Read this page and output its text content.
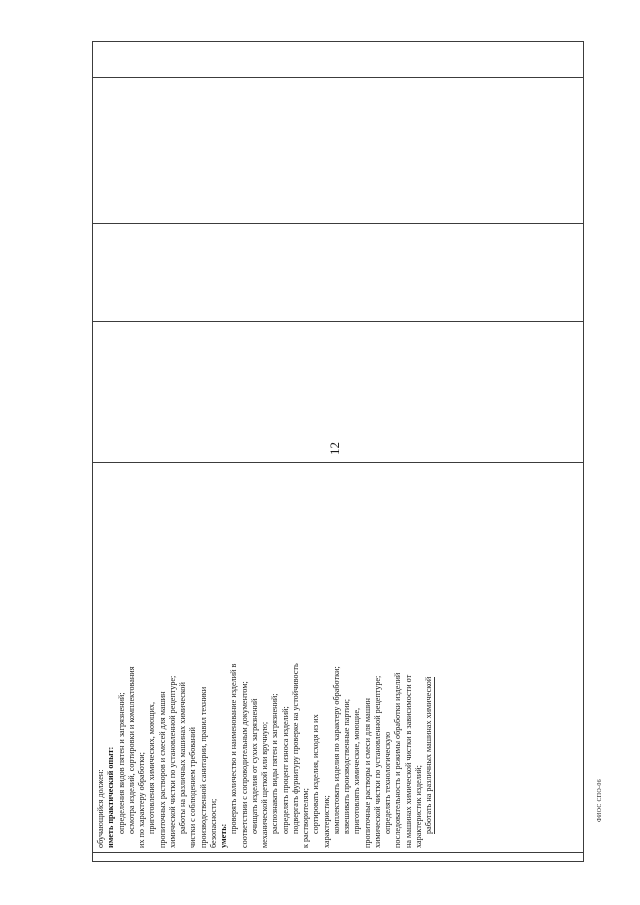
12

обучающийся должен: иметь практический опыт: определения видов пятен и загрязнений; осмотра изделий, сортировки и комплектования их по характеру обработки; приготовления химических, моющих, пропиточных растворов и смесей для машин химической чистки по установленной рецептуре; работы на различных машинах химической чистки с соблюдением требований производственной санитарии, правил техники безопасности; уметь:

проверять количество и наименование изделий в соответствии с сопроводительным документом; очищать изделия от сухих загрязнений механической щеткой или вручную; распознавать виды пятен и загрязнений; определять процент износа изделий; подвергать фурнитуру проверке на устойчивость к растворителям; сортировать изделия, исходя из их характеристик; комплектовать изделия по характеру обработки; взвешивать производственные партии; приготовлять химические, моющие, пропиточные растворы и смеси для машин химической чистки по установленной рецептуре; определять технологическую последовательность и режимы обработки изделий на машинах химической чистки в зависимости от характеристик изделий; работать на различных машинах химической

					ФИОС СПО-06
